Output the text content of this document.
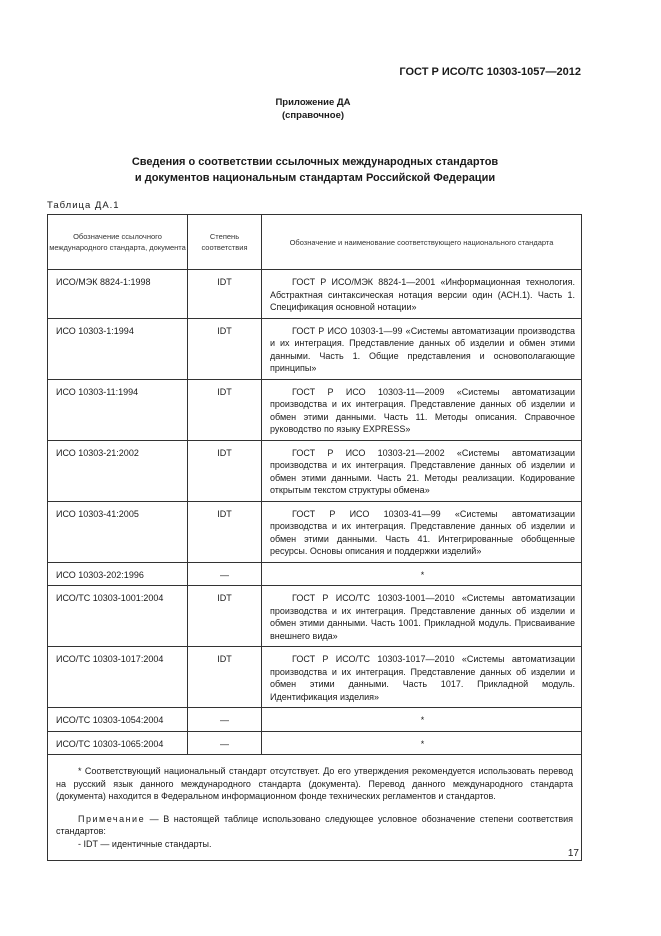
ГОСТ Р ИСО/ТС 10303-1057—2012
Приложение ДА
(справочное)
Сведения о соответствии ссылочных международных стандартов
и документов национальным стандартам Российской Федерации
Таблица ДА.1
Обозначение ссылочного международного стандарта, документа	Степень соответствия	Обозначение и наименование соответствующего национального стандарта
ИСО/МЭК 8824-1:1998	IDT	ГОСТ Р ИСО/МЭК 8824-1—2001 «Информационная технология. Абстрактная синтаксическая нотация версии один (АСН.1). Часть 1. Спецификация основной нотации»
ИСО 10303-1:1994	IDT	ГОСТ Р ИСО 10303-1—99 «Системы автоматизации производства и их интеграция. Представление данных об изделии и обмен этими данными. Часть 1. Общие представления и основополагающие принципы»
ИСО 10303-11:1994	IDT	ГОСТ Р ИСО 10303-11—2009 «Системы автоматизации производства и их интеграция. Представление данных об изделии и обмен этими данными. Часть 11. Методы описания. Справочное руководство по языку EXPRESS»
ИСО 10303-21:2002	IDT	ГОСТ Р ИСО 10303-21—2002 «Системы автоматизации производства и их интеграция. Представление данных об изделии и обмен этими данными. Часть 21. Методы реализации. Кодирование открытым текстом структуры обмена»
ИСО 10303-41:2005	IDT	ГОСТ Р ИСО 10303-41—99 «Системы автоматизации производства и их интеграция. Представление данных об изделии и обмен этими данными. Часть 41. Интегрированные обобщенные ресурсы. Основы описания и поддержки изделий»
ИСО 10303-202:1996	—	*
ИСО/ТС 10303-1001:2004	IDT	ГОСТ Р ИСО/ТС 10303-1001—2010 «Системы автоматизации производства и их интеграция. Представление данных об изделии и обмен этими данными. Часть 1001. Прикладной модуль. Присваивание внешнего вида»
ИСО/ТС 10303-1017:2004	IDT	ГОСТ Р ИСО/ТС 10303-1017—2010 «Системы автоматизации производства и их интеграция. Представление данных об изделии и обмен этими данными. Часть 1017. Прикладной модуль. Идентификация изделия»
ИСО/ТС 10303-1054:2004	—	*
ИСО/ТС 10303-1065:2004	—	*

* Соответствующий национальный стандарт отсутствует. До его утверждения рекомендуется использовать перевод на русский язык данного международного стандарта (документа). Перевод данного международного стандарта (документа) находится в Федеральном информационном фонде технических регламентов и стандартов.

Примечание — В настоящей таблице использовано следующее условное обозначение степени соответствия стандартов:

- IDT — идентичные стандарты.		

17
